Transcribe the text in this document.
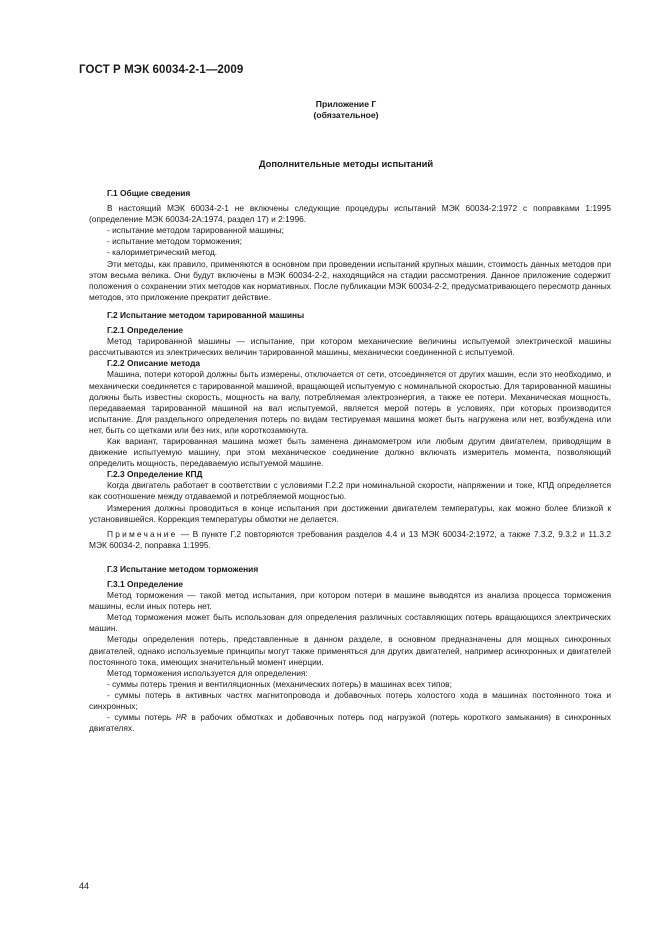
ГОСТ Р МЭК 60034-2-1—2009
Приложение Г
(обязательное)
Дополнительные методы испытаний

Г.1 Общие сведения

В настоящий МЭК 60034-2-1 не включены следующие процедуры испытаний МЭК 60034-2:1972 с поправками 1:1995 (определение МЭК 60034-2A:1974, раздел 17) и 2:1996.

- испытание методом тарированной машины;

- испытание методом торможения;

- калориметрический метод.

Эти методы, как правило, применяются в основном при проведении испытаний крупных машин, стоимость данных методов при этом весьма велика. Они будут включены в МЭК 60034-2-2, находящийся на стадии рассмотрения. Данное приложение содержит положения о сохранении этих методов как нормативных. После публикации МЭК 60034-2-2, предусматривающего пересмотр данных методов, это приложение прекратит действие.

Г.2 Испытание методом тарированной машины

Г.2.1 Определение

Метод тарированной машины — испытание, при котором механические величины испытуемой электрической машины рассчитываются из электрических величин тарированной машины, механически соединенной с испытуемой.

Г.2.2 Описание метода

Машина, потери которой должны быть измерены, отключается от сети, отсоединяется от других машин, если это необходимо, и механически соединяется с тарированной машиной, вращающей испытуемую с номинальной скоростью. Для тарированной машины должны быть известны скорость, мощность на валу, потребляемая электроэнергия, а также ее потери. Механическая мощность, передаваемая тарированной машиной на вал испытуемой, является мерой потерь в условиях, при которых производится испытание. Для раздельного определения потерь по видам тестируемая машина может быть нагружена или нет, возбуждена или нет, быть со щетками или без них, или короткозамкнута.

Как вариант, тарированная машина может быть заменена динамометром или любым другим двигателем, приводящим в движение испытуемую машину, при этом механическое соединение должно включать измеритель момента, позволяющий определить мощность, передаваемую испытуемой машине.

Г.2.3 Определение КПД

Когда двигатель работает в соответствии с условиями Г.2.2 при номинальной скорости, напряжении и токе, КПД определяется как соотношение между отдаваемой и потребляемой мощностью.

Измерения должны проводиться в конце испытания при достижении двигателем температуры, как можно более близкой к установившейся. Коррекция температуры обмотки не делается.

Примечание — В пункте Г.2 повторяются требования разделов 4.4 и 13 МЭК 60034-2:1972, а также 7.3.2, 9.3.2 и 11.3.2 МЭК 60034-2, поправка 1:1995.

Г.3 Испытание методом торможения

Г.3.1 Определение

Метод торможения — такой метод испытания, при котором потери в машине выводятся из анализа процесса торможения машины, если иных потерь нет.

Метод торможения может быть использован для определения различных составляющих потерь вращающихся электрических машин.

Методы определения потерь, представленные в данном разделе, в основном предназначены для мощных синхронных двигателей, однако используемые принципы могут также применяться для других двигателей, например асинхронных и двигателей постоянного тока, имеющих значительный момент инерции.

Метод торможения используется для определения:

- суммы потерь трения и вентиляционных (механических потерь) в машинах всех типов;

- суммы потерь в активных частях магнитопровода и добавочных потерь холостого хода в машинах постоянного тока и синхронных;

- суммы потерь I²R в рабочих обмотках и добавочных потерь под нагрузкой (потерь короткого замыкания) в синхронных двигателях.

44
